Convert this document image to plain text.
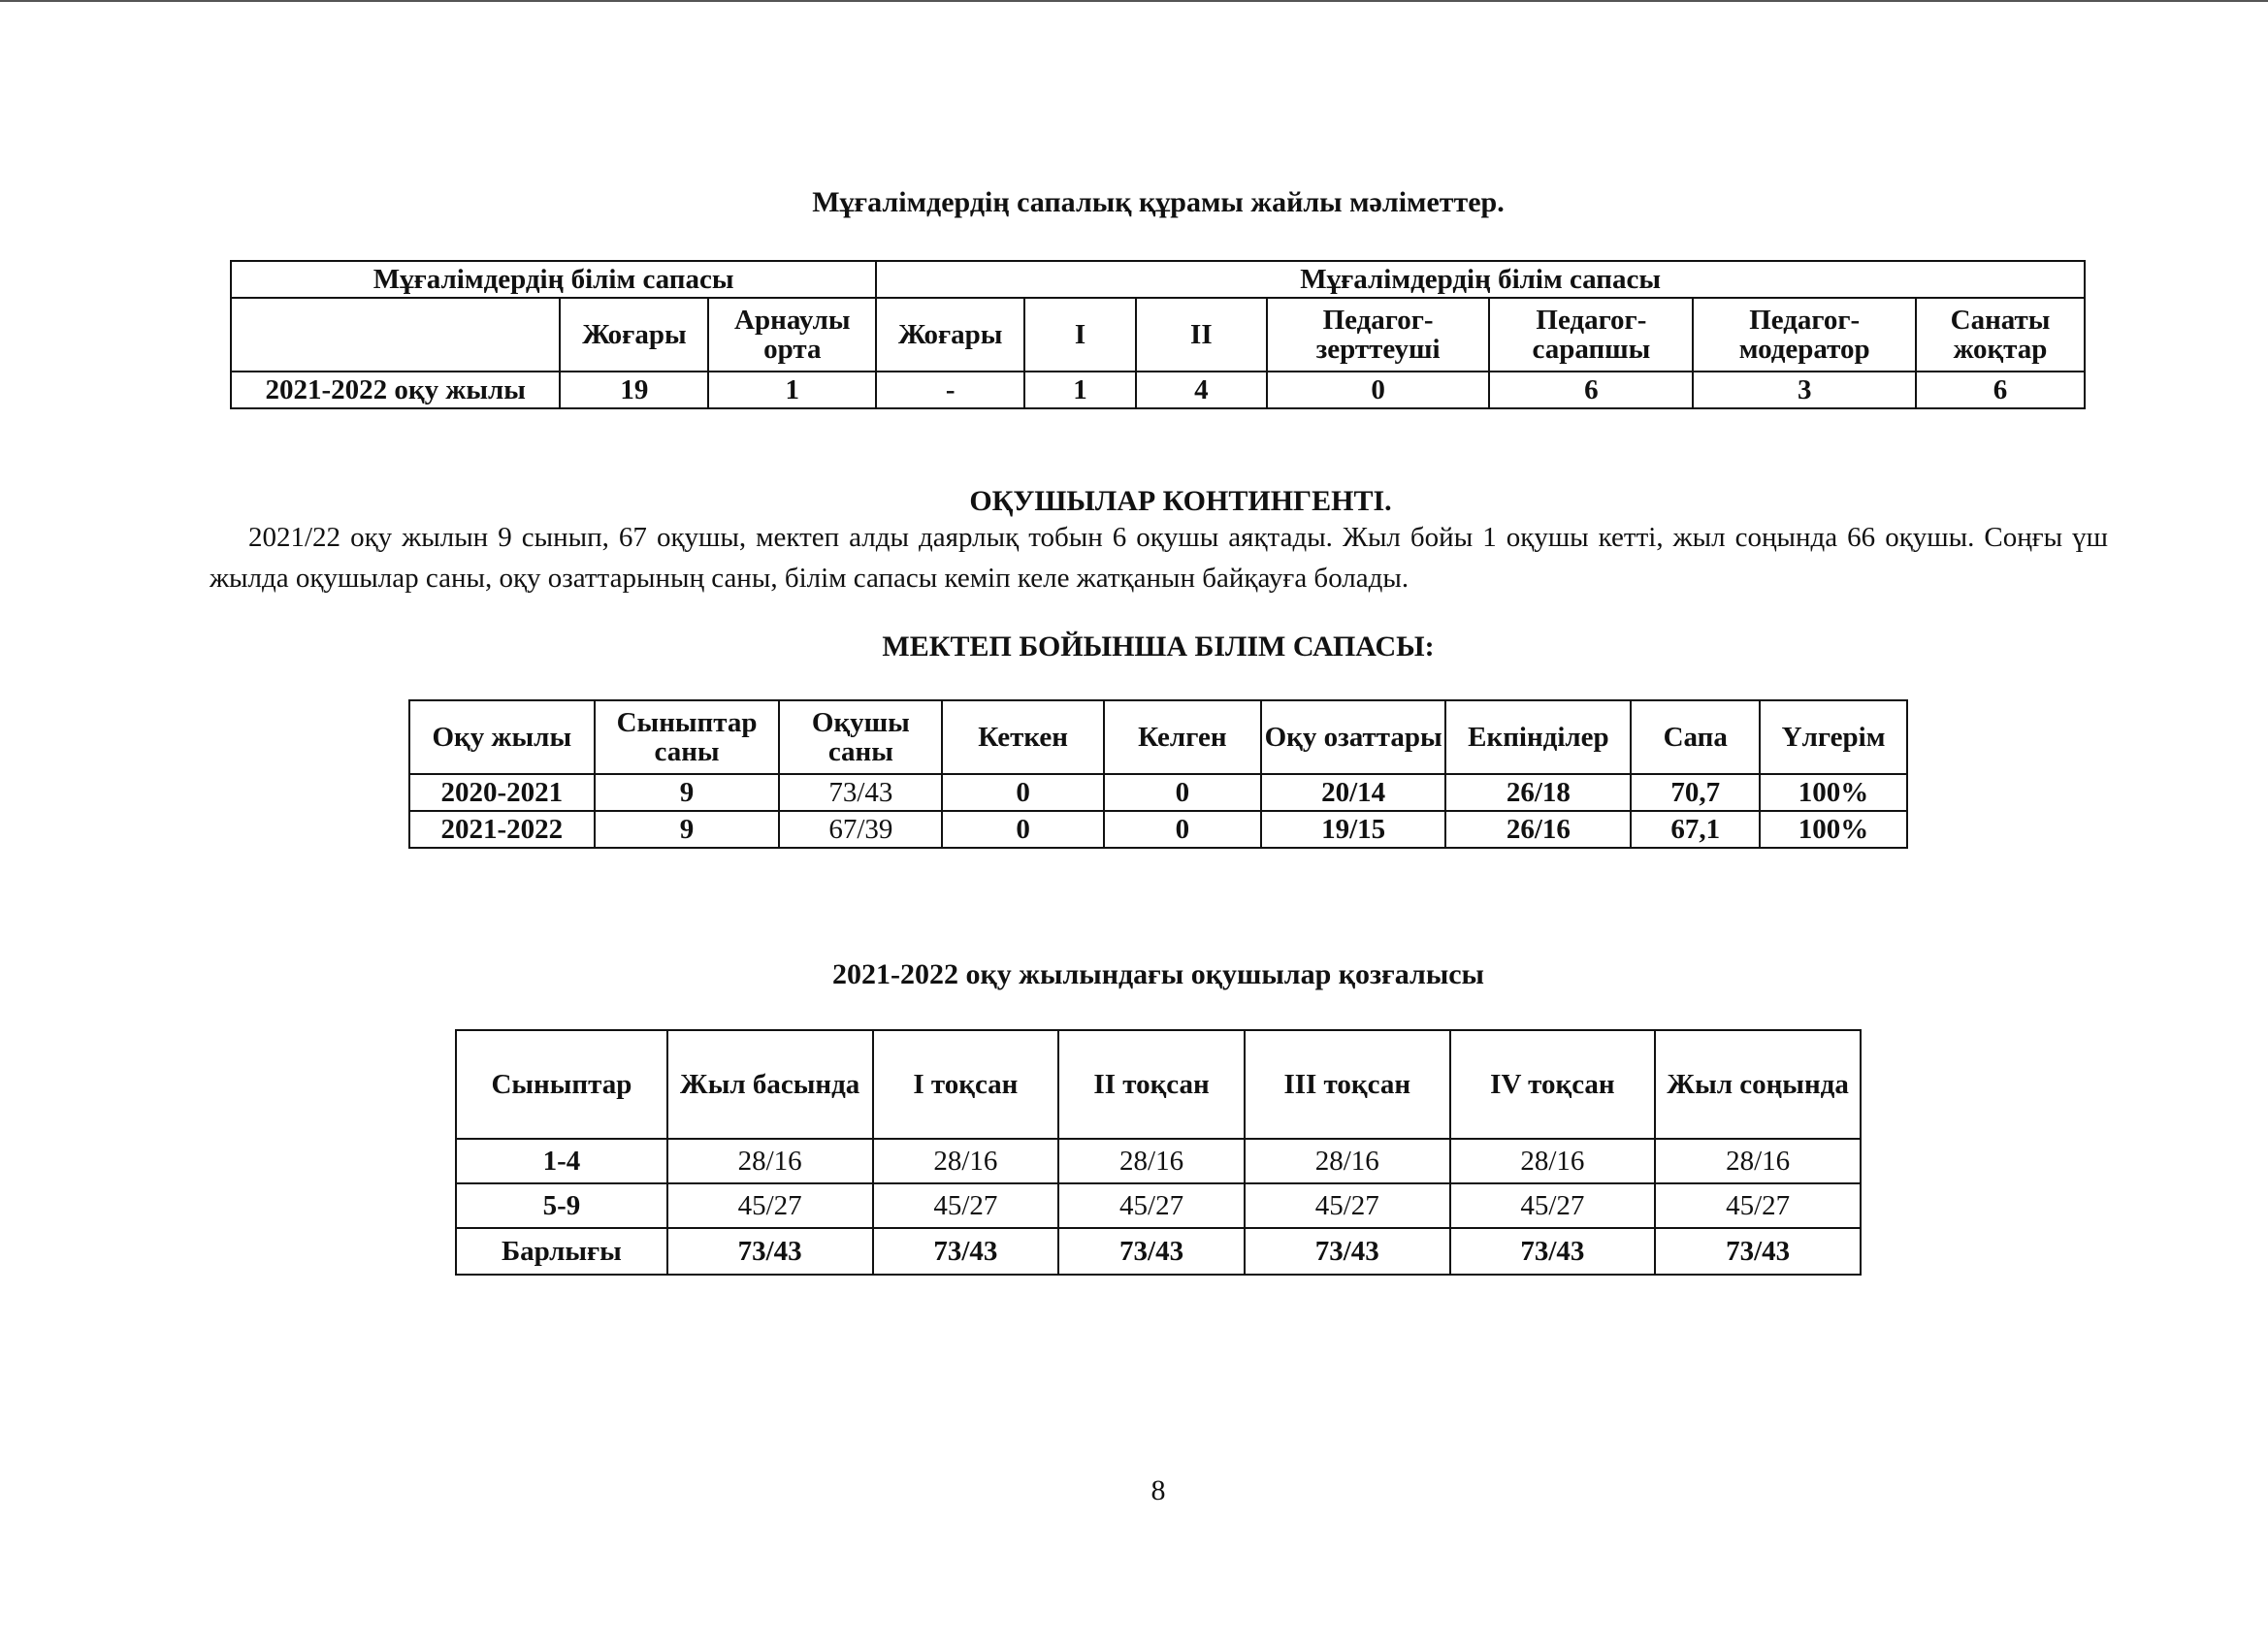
Мұғалімдердің сапалық құрамы жайлы мәліметтер.
Мұғалімдердің білім сапасы			Мұғалімдердің білім сапасы						
	Жоғары	Арнаулы орта	Жоғары	I	II	Педагог-зерттеуші	Педагог-сарапшы	Педагог-модератор	Санаты жоқтар
2021-2022 оқу жылы	19	1	-	1	4	0	6	3	6
ОҚУШЫЛАР КОНТИНГЕНТІ.
2021/22 оқу жылын 9 сынып, 67 оқушы, мектеп алды даярлық тобын 6 оқушы аяқтады. Жыл бойы 1 оқушы кетті, жыл соңында 66 оқушы. Соңғы үш жылда оқушылар саны, оқу озаттарының саны, білім сапасы кеміп келе жатқанын байқауға болады.
МЕКТЕП БОЙЫНША БІЛІМ САПАСЫ:
Оқу жылы	Сыныптар саны	Оқушы саны	Кеткен	Келген	Оқу озаттары	Екпінділер	Сапа	Үлгерім
2020-2021	9	73/43	0	0	20/14	26/18	70,7	100%
2021-2022	9	67/39	0	0	19/15	26/16	67,1	100%
2021-2022 оқу жылындағы оқушылар қозғалысы
Сыныптар	Жыл басында	І тоқсан	ІІ тоқсан	ІІІ тоқсан	ІV тоқсан	Жыл соңында
1-4	28/16	28/16	28/16	28/16	28/16	28/16
5-9	45/27	45/27	45/27	45/27	45/27	45/27
Барлығы	73/43	73/43	73/43	73/43	73/43	73/43
8
